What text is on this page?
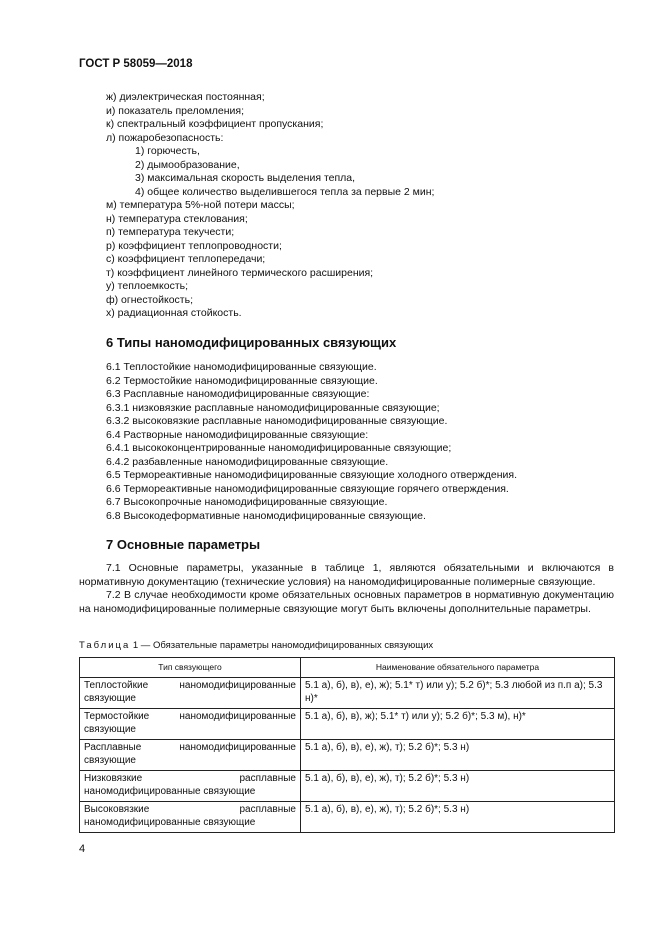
ГОСТ Р 58059—2018
ж) диэлектрическая постоянная;
и) показатель преломления;
к) спектральный коэффициент пропускания;
л) пожаробезопасность:
1) горючесть,
2) дымообразование,
3) максимальная скорость выделения тепла,
4) общее количество выделившегося тепла за первые 2 мин;
м) температура 5%-ной потери массы;
н) температура стеклования;
п) температура текучести;
р) коэффициент теплопроводности;
с) коэффициент теплопередачи;
т) коэффициент линейного термического расширения;
у) теплоемкость;
ф) огнестойкость;
х) радиационная стойкость.
6 Типы наномодифицированных связующих
6.1 Теплостойкие наномодифицированные связующие.
6.2 Термостойкие наномодифицированные связующие.
6.3 Расплавные наномодифицированные связующие:
6.3.1 низковязкие расплавные наномодифицированные связующие;
6.3.2 высоковязкие расплавные наномодифицированные связующие.
6.4 Растворные наномодифицированные связующие:
6.4.1 высококонцентрированные наномодифицированные связующие;
6.4.2 разбавленные наномодифицированные связующие.
6.5 Термореактивные наномодифицированные связующие холодного отверждения.
6.6 Термореактивные наномодифицированные связующие горячего отверждения.
6.7 Высокопрочные наномодифицированные связующие.
6.8 Высокодеформативные наномодифицированные связующие.
7 Основные параметры

7.1 Основные параметры, указанные в таблице 1, являются обязательными и включаются в нормативную документацию (технические условия) на наномодифицированные полимерные связующие.

7.2 В случае необходимости кроме обязательных основных параметров в нормативную документацию на наномодифицированные полимерные связующие могут быть включены дополнительные параметры.

Таблица 1 — Обязательные параметры наномодифицированных связующих
Тип связующего	Наименование обязательного параметра
Теплостойкие наномодифицированные связующие	5.1 а), б), в), е), ж); 5.1* т) или у); 5.2 б)*; 5.3 любой из п.п а); 5.3 н)*
Термостойкие наномодифицированные связующие	5.1 а), б), в), ж); 5.1* т) или у); 5.2 б)*; 5.3 м), н)*
Расплавные наномодифицированные связующие	5.1 а), б), в), е), ж), т); 5.2 б)*; 5.3 н)
Низковязкие расплавные наномодифицированные связующие	5.1 а), б), в), е), ж), т); 5.2 б)*; 5.3 н)
Высоковязкие расплавные наномодифицированные связующие	5.1 а), б), в), е), ж), т); 5.2 б)*; 5.3 н)
4
